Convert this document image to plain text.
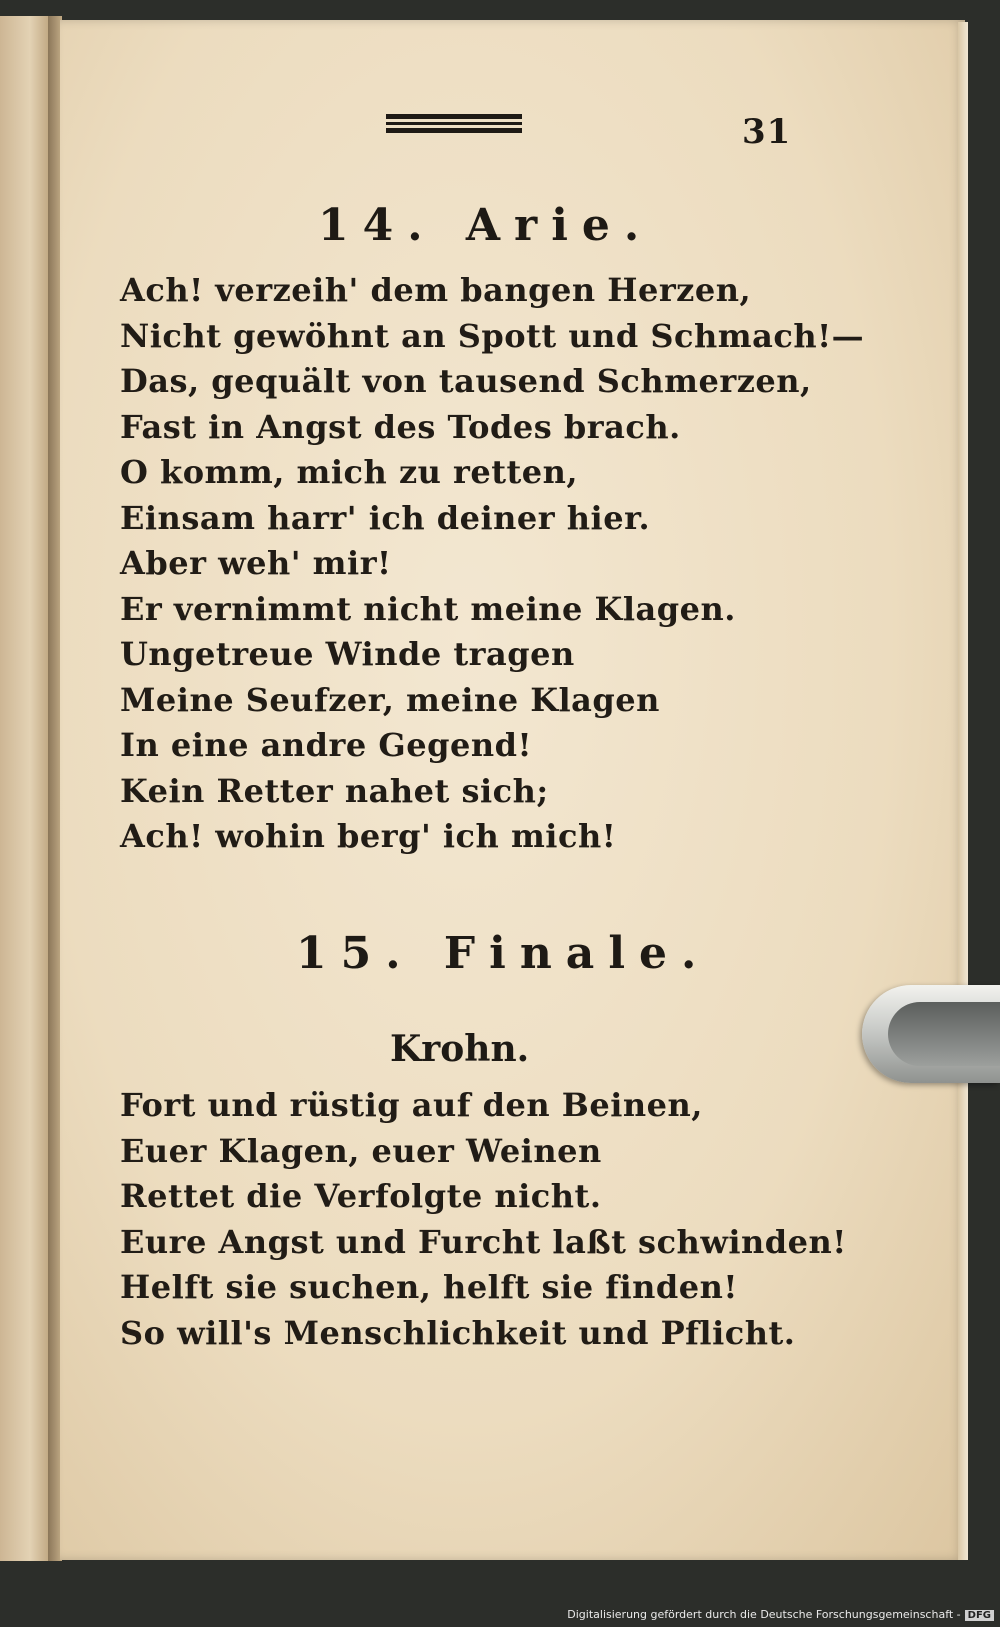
31
14. Arie.
Ach! verzeih' dem bangen Herzen,
Nicht gewöhnt an Spott und Schmach!—
Das, gequält von tausend Schmerzen,
Fast in Angst des Todes brach.
O komm, mich zu retten,
Einsam harr' ich deiner hier.
Aber weh' mir!
Er vernimmt nicht meine Klagen.
Ungetreue Winde tragen
Meine Seufzer, meine Klagen
In eine andre Gegend!
Kein Retter nahet sich;
Ach! wohin berg' ich mich!
15. Finale.
Krohn.
Fort und rüstig auf den Beinen,
Euer Klagen, euer Weinen
Rettet die Verfolgte nicht.
Eure Angst und Furcht laßt schwinden!
Helft sie suchen, helft sie finden!
So will's Menschlichkeit und Pflicht.
Digitalisierung gefördert durch die Deutsche Forschungsgemeinschaft - DFG
